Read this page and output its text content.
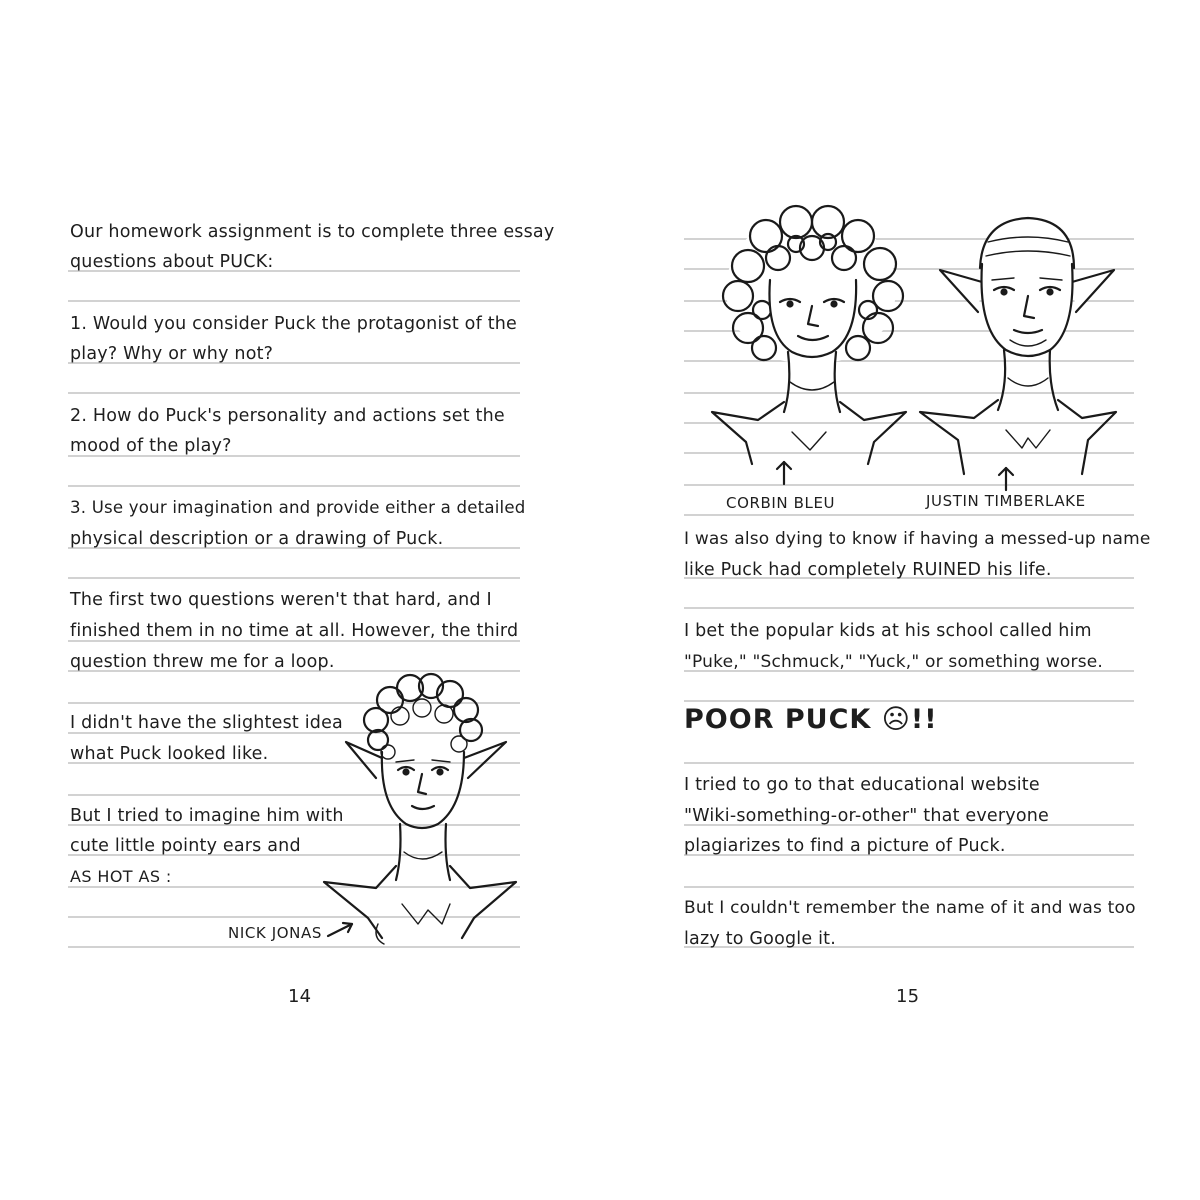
Our homework assignment is to complete three essay
questions about PUCK:
1. Would you consider Puck the protagonist of the
play? Why or why not?
2. How do Puck's personality and actions set the
mood of the play?
3. Use your imagination and provide either a detailed
physical description or a drawing of Puck.
The first two questions weren't that hard, and I
finished them in no time at all. However, the third
question threw me for a loop.
I didn't have the slightest idea
what Puck looked like.
But I tried to imagine him with
cute little pointy ears and
AS HOT AS :
NICK JONAS
14
CORBIN BLEU	JUSTIN TIMBERLAKE
I was also dying to know if having a messed-up name
like Puck had completely RUINED his life.
I bet the popular kids at his school called him
"Puke," "Schmuck," "Yuck," or something worse.
POOR PUCK ☹!!
I tried to go to that educational website
"Wiki-something-or-other" that everyone
plagiarizes to find a picture of Puck.
But I couldn't remember the name of it and was too
lazy to Google it.
15
